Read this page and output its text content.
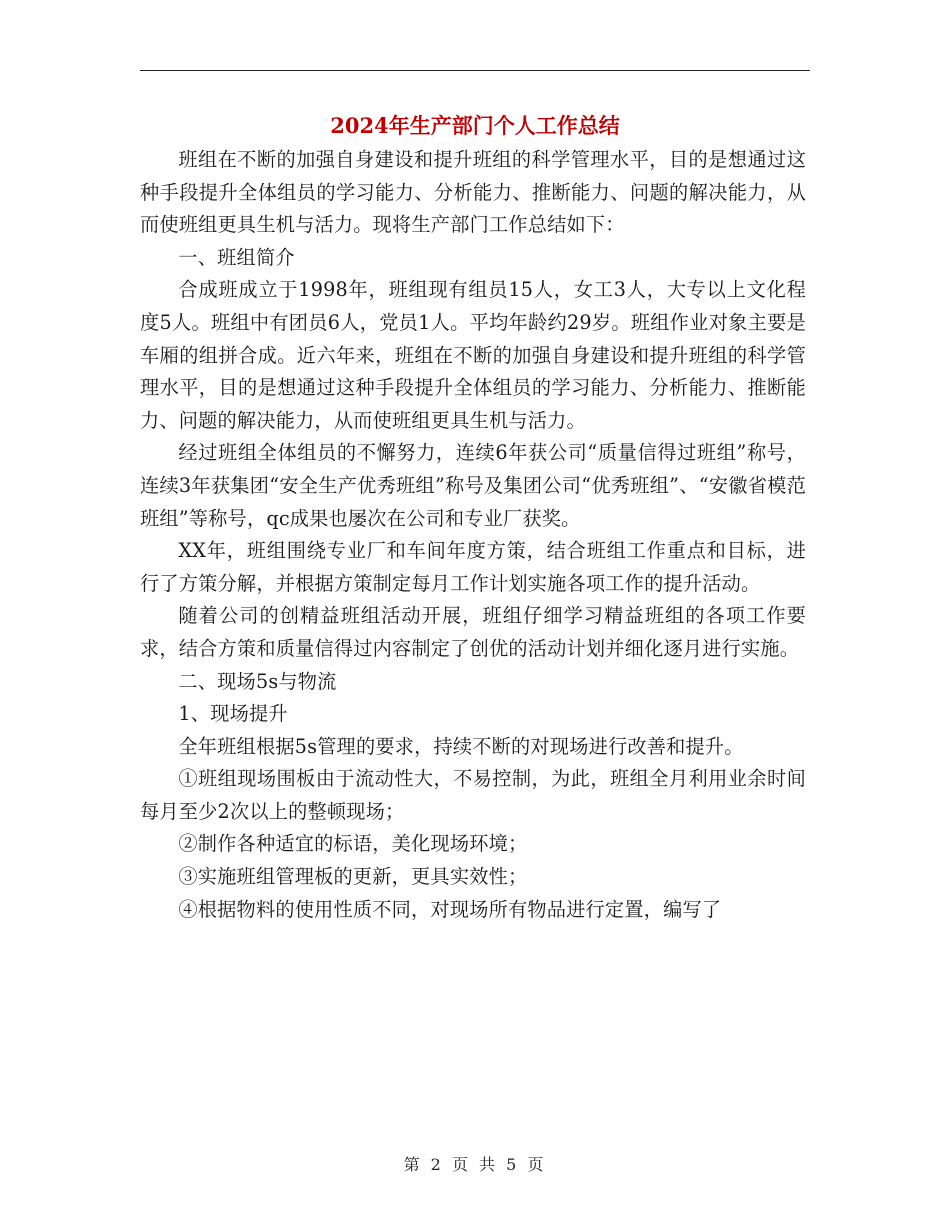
2024年生产部门个人工作总结

班组在不断的加强自身建设和提升班组的科学管理水平，目的是想通过这种手段提升全体组员的学习能力、分析能力、推断能力、问题的解决能力，从而使班组更具生机与活力。现将生产部门工作总结如下：

一、班组简介

合成班成立于1998年，班组现有组员15人，女工3人，大专以上文化程度5人。班组中有团员6人，党员1人。平均年龄约29岁。班组作业对象主要是车厢的组拼合成。近六年来，班组在不断的加强自身建设和提升班组的科学管理水平，目的是想通过这种手段提升全体组员的学习能力、分析能力、推断能力、问题的解决能力，从而使班组更具生机与活力。

经过班组全体组员的不懈努力，连续6年获公司“质量信得过班组”称号，连续3年获集团“安全生产优秀班组”称号及集团公司“优秀班组”、“安徽省模范班组”等称号，qc成果也屡次在公司和专业厂获奖。

XX年，班组围绕专业厂和车间年度方策，结合班组工作重点和目标，进行了方策分解，并根据方策制定每月工作计划实施各项工作的提升活动。

随着公司的创精益班组活动开展，班组仔细学习精益班组的各项工作要求，结合方策和质量信得过内容制定了创优的活动计划并细化逐月进行实施。

二、现场5s与物流

1、现场提升

全年班组根据5s管理的要求，持续不断的对现场进行改善和提升。

①班组现场围板由于流动性大，不易控制，为此，班组全月利用业余时间每月至少2次以上的整顿现场；

②制作各种适宜的标语，美化现场环境；

③实施班组管理板的更新，更具实效性；

④根据物料的使用性质不同，对现场所有物品进行定置，编写了

第 2 页 共 5 页
